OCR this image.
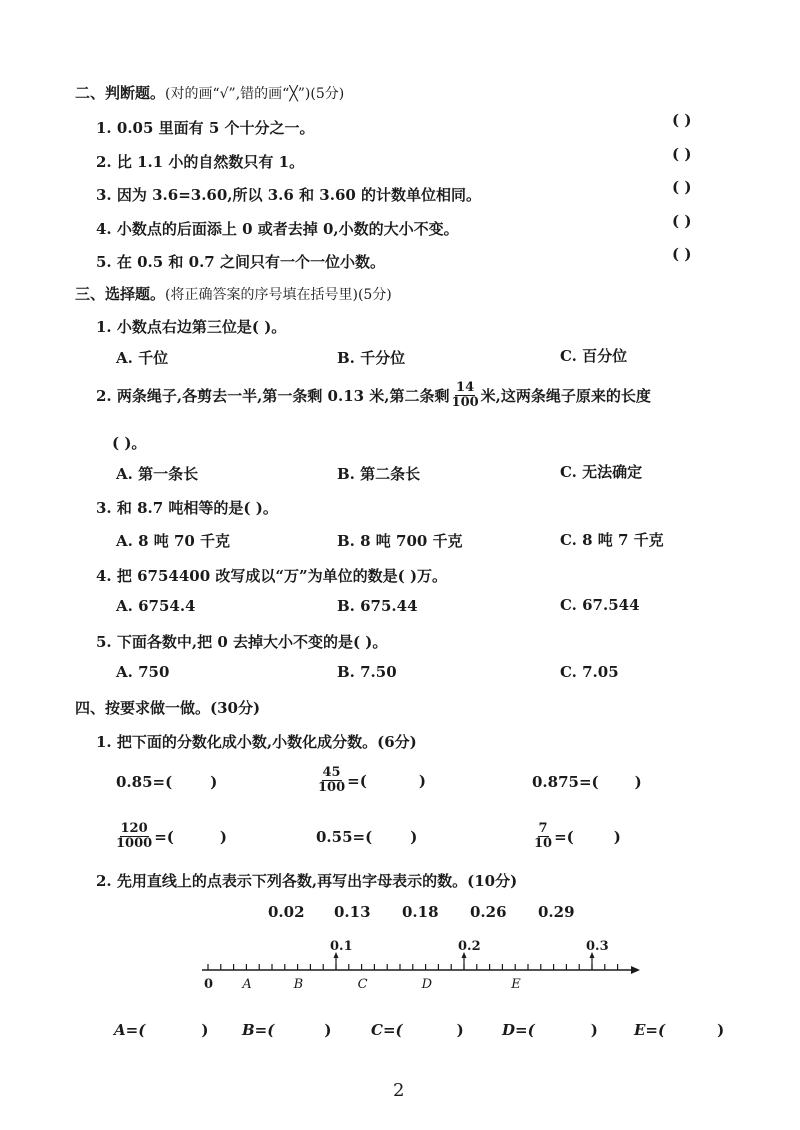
二、判断题。(对的画“√”,错的画“╳”)(5分)
1. 0.05 里面有 5 个十分之一。	( )
2. 比 1.1 小的自然数只有 1。	( )
3. 因为 3.6=3.60,所以 3.6 和 3.60 的计数单位相同。	( )
4. 小数点的后面添上 0 或者去掉 0,小数的大小不变。	( )
5. 在 0.5 和 0.7 之间只有一个一位小数。	( )
三、选择题。(将正确答案的序号填在括号里)(5分)
1. 小数点右边第三位是( )。
A. 千位	B. 千分位	C. 百分位
2. 两条绳子,各剪去一半,第一条剩 0.13 米,第二条剩 $\frac{14}{100}$ 米,这两条绳子原来的长度
( )。
A. 第一条长	B. 第二条长	C. 无法确定
3. 和 8.7 吨相等的是( )。
A. 8 吨 70 千克	B. 8 吨 700 千克	C. 8 吨 7 千克
4. 把 6754400 改写成以“万”为单位的数是( )万。
A. 6754.4	B. 675.44	C. 67.544
5. 下面各数中,把 0 去掉大小不变的是( )。
A. 750	B. 7.50	C. 7.05
四、按要求做一做。(30分)
1. 把下面的分数化成小数,小数化成分数。(6分)
0.85=(	)	$\frac{45}{100}$ =(	)	0.875=( )
$\frac{120}{1000}$ =(	)	0.55=(	)	$\frac{7}{10}$ =(	)
2. 先用直线上的点表示下列各数,再写出字母表示的数。(10分)
0.02 0.13 0.18 0.26 0.29
0.1	0.2	0.3
0 A	B	C	D	E
A=(	) B=(	)	C=(	)	D=(	) E=(	)
2
